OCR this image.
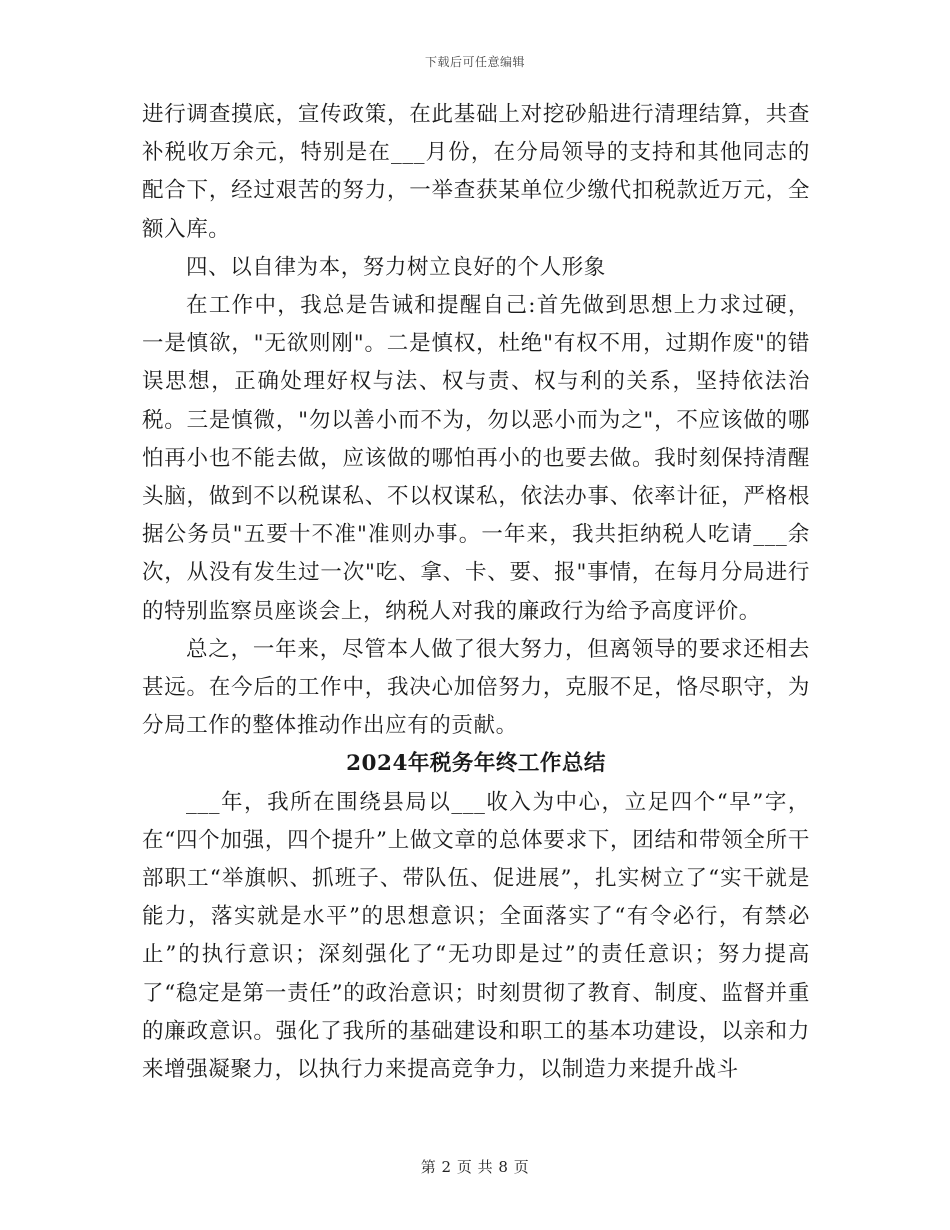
下载后可任意编辑

进行调查摸底，宣传政策，在此基础上对挖砂船进行清理结算，共查补税收万余元，特别是在___月份，在分局领导的支持和其他同志的配合下，经过艰苦的努力，一举查获某单位少缴代扣税款近万元，全额入库。

四、以自律为本，努力树立良好的个人形象

在工作中，我总是告诫和提醒自己:首先做到思想上力求过硬，一是慎欲，"无欲则刚"。二是慎权，杜绝"有权不用，过期作废"的错误思想，正确处理好权与法、权与责、权与利的关系，坚持依法治税。三是慎微，"勿以善小而不为，勿以恶小而为之"，不应该做的哪怕再小也不能去做，应该做的哪怕再小的也要去做。我时刻保持清醒头脑，做到不以税谋私、不以权谋私，依法办事、依率计征，严格根据公务员"五要十不准"准则办事。一年来，我共拒纳税人吃请___余次，从没有发生过一次"吃、拿、卡、要、报"事情，在每月分局进行的特别监察员座谈会上，纳税人对我的廉政行为给予高度评价。

总之，一年来，尽管本人做了很大努力，但离领导的要求还相去甚远。在今后的工作中，我决心加倍努力，克服不足，恪尽职守，为分局工作的整体推动作出应有的贡献。

2024年税务年终工作总结

___年，我所在围绕县局以___收入为中心，立足四个“早”字，在“四个加强，四个提升”上做文章的总体要求下，团结和带领全所干部职工“举旗帜、抓班子、带队伍、促进展”，扎实树立了“实干就是能力，落实就是水平”的思想意识；全面落实了“有令必行，有禁必止”的执行意识；深刻强化了“无功即是过”的责任意识；努力提高了“稳定是第一责任”的政治意识；时刻贯彻了教育、制度、监督并重的廉政意识。强化了我所的基础建设和职工的基本功建设，以亲和力来增强凝聚力，以执行力来提高竞争力，以制造力来提升战斗

第 2 页 共 8 页
